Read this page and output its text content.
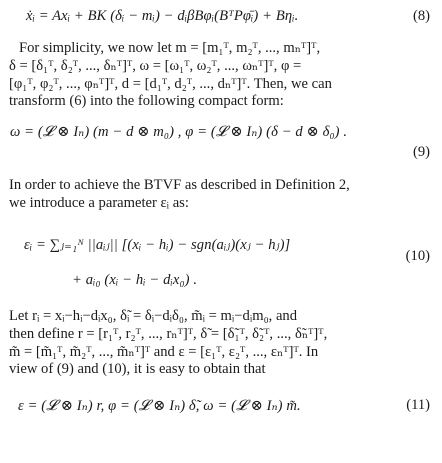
ẋᵢ = Axᵢ + BK (δᵢ − mᵢ) − dᵢβBφᵢ(BᵀPφ̄ᵢ) + Bηᵢ.	(8)
For simplicity, we now let m = [m₁ᵀ, m₂ᵀ, ..., mₙᵀ]ᵀ,
δ = [δ₁ᵀ, δ₂ᵀ, ..., δₙᵀ]ᵀ, ω = [ω₁ᵀ, ω₂ᵀ, ..., ωₙᵀ]ᵀ, φ =
[φ₁ᵀ, φ₂ᵀ, ..., φₙᵀ]ᵀ, d = [d₁ᵀ, d₂ᵀ, ..., dₙᵀ]ᵀ. Then, we can
transform (6) into the following compact form:
ω = (𝓛 ⊗ Iₙ) (m − d ⊗ m₀) , φ = (𝓛 ⊗ Iₙ) (δ − d ⊗ δ₀) .
(9)
In order to achieve the BTVF as described in Definition 2,
we introduce a parameter εᵢ as:
εᵢ = ∑ⱼ₌₁ᴺ ||aᵢⱼ|| [(xᵢ − hᵢ) − sgn(aᵢⱼ)(xⱼ − hⱼ)]
(10)
+ aᵢ₀ (xᵢ − hᵢ − dᵢx₀) .
Let rᵢ = xᵢ−hᵢ−dᵢx₀, δ̃ᵢ = δᵢ−dᵢδ₀, m̃ᵢ = mᵢ−dᵢm₀, and
then define r = [r₁ᵀ, r₂ᵀ, ..., rₙᵀ]ᵀ, δ̃ = [δ̃₁ᵀ, δ̃₂ᵀ, ..., δ̃ₙᵀ]ᵀ,
m̃ = [m̃₁ᵀ, m̃₂ᵀ, ..., m̃ₙᵀ]ᵀ and ε = [ε₁ᵀ, ε₂ᵀ, ..., εₙᵀ]ᵀ. In
view of (9) and (10), it is easy to obtain that
ε = (𝓛 ⊗ Iₙ) r, φ = (𝓛 ⊗ Iₙ) δ̃, ω = (𝓛 ⊗ Iₙ) m̃.	(11)
